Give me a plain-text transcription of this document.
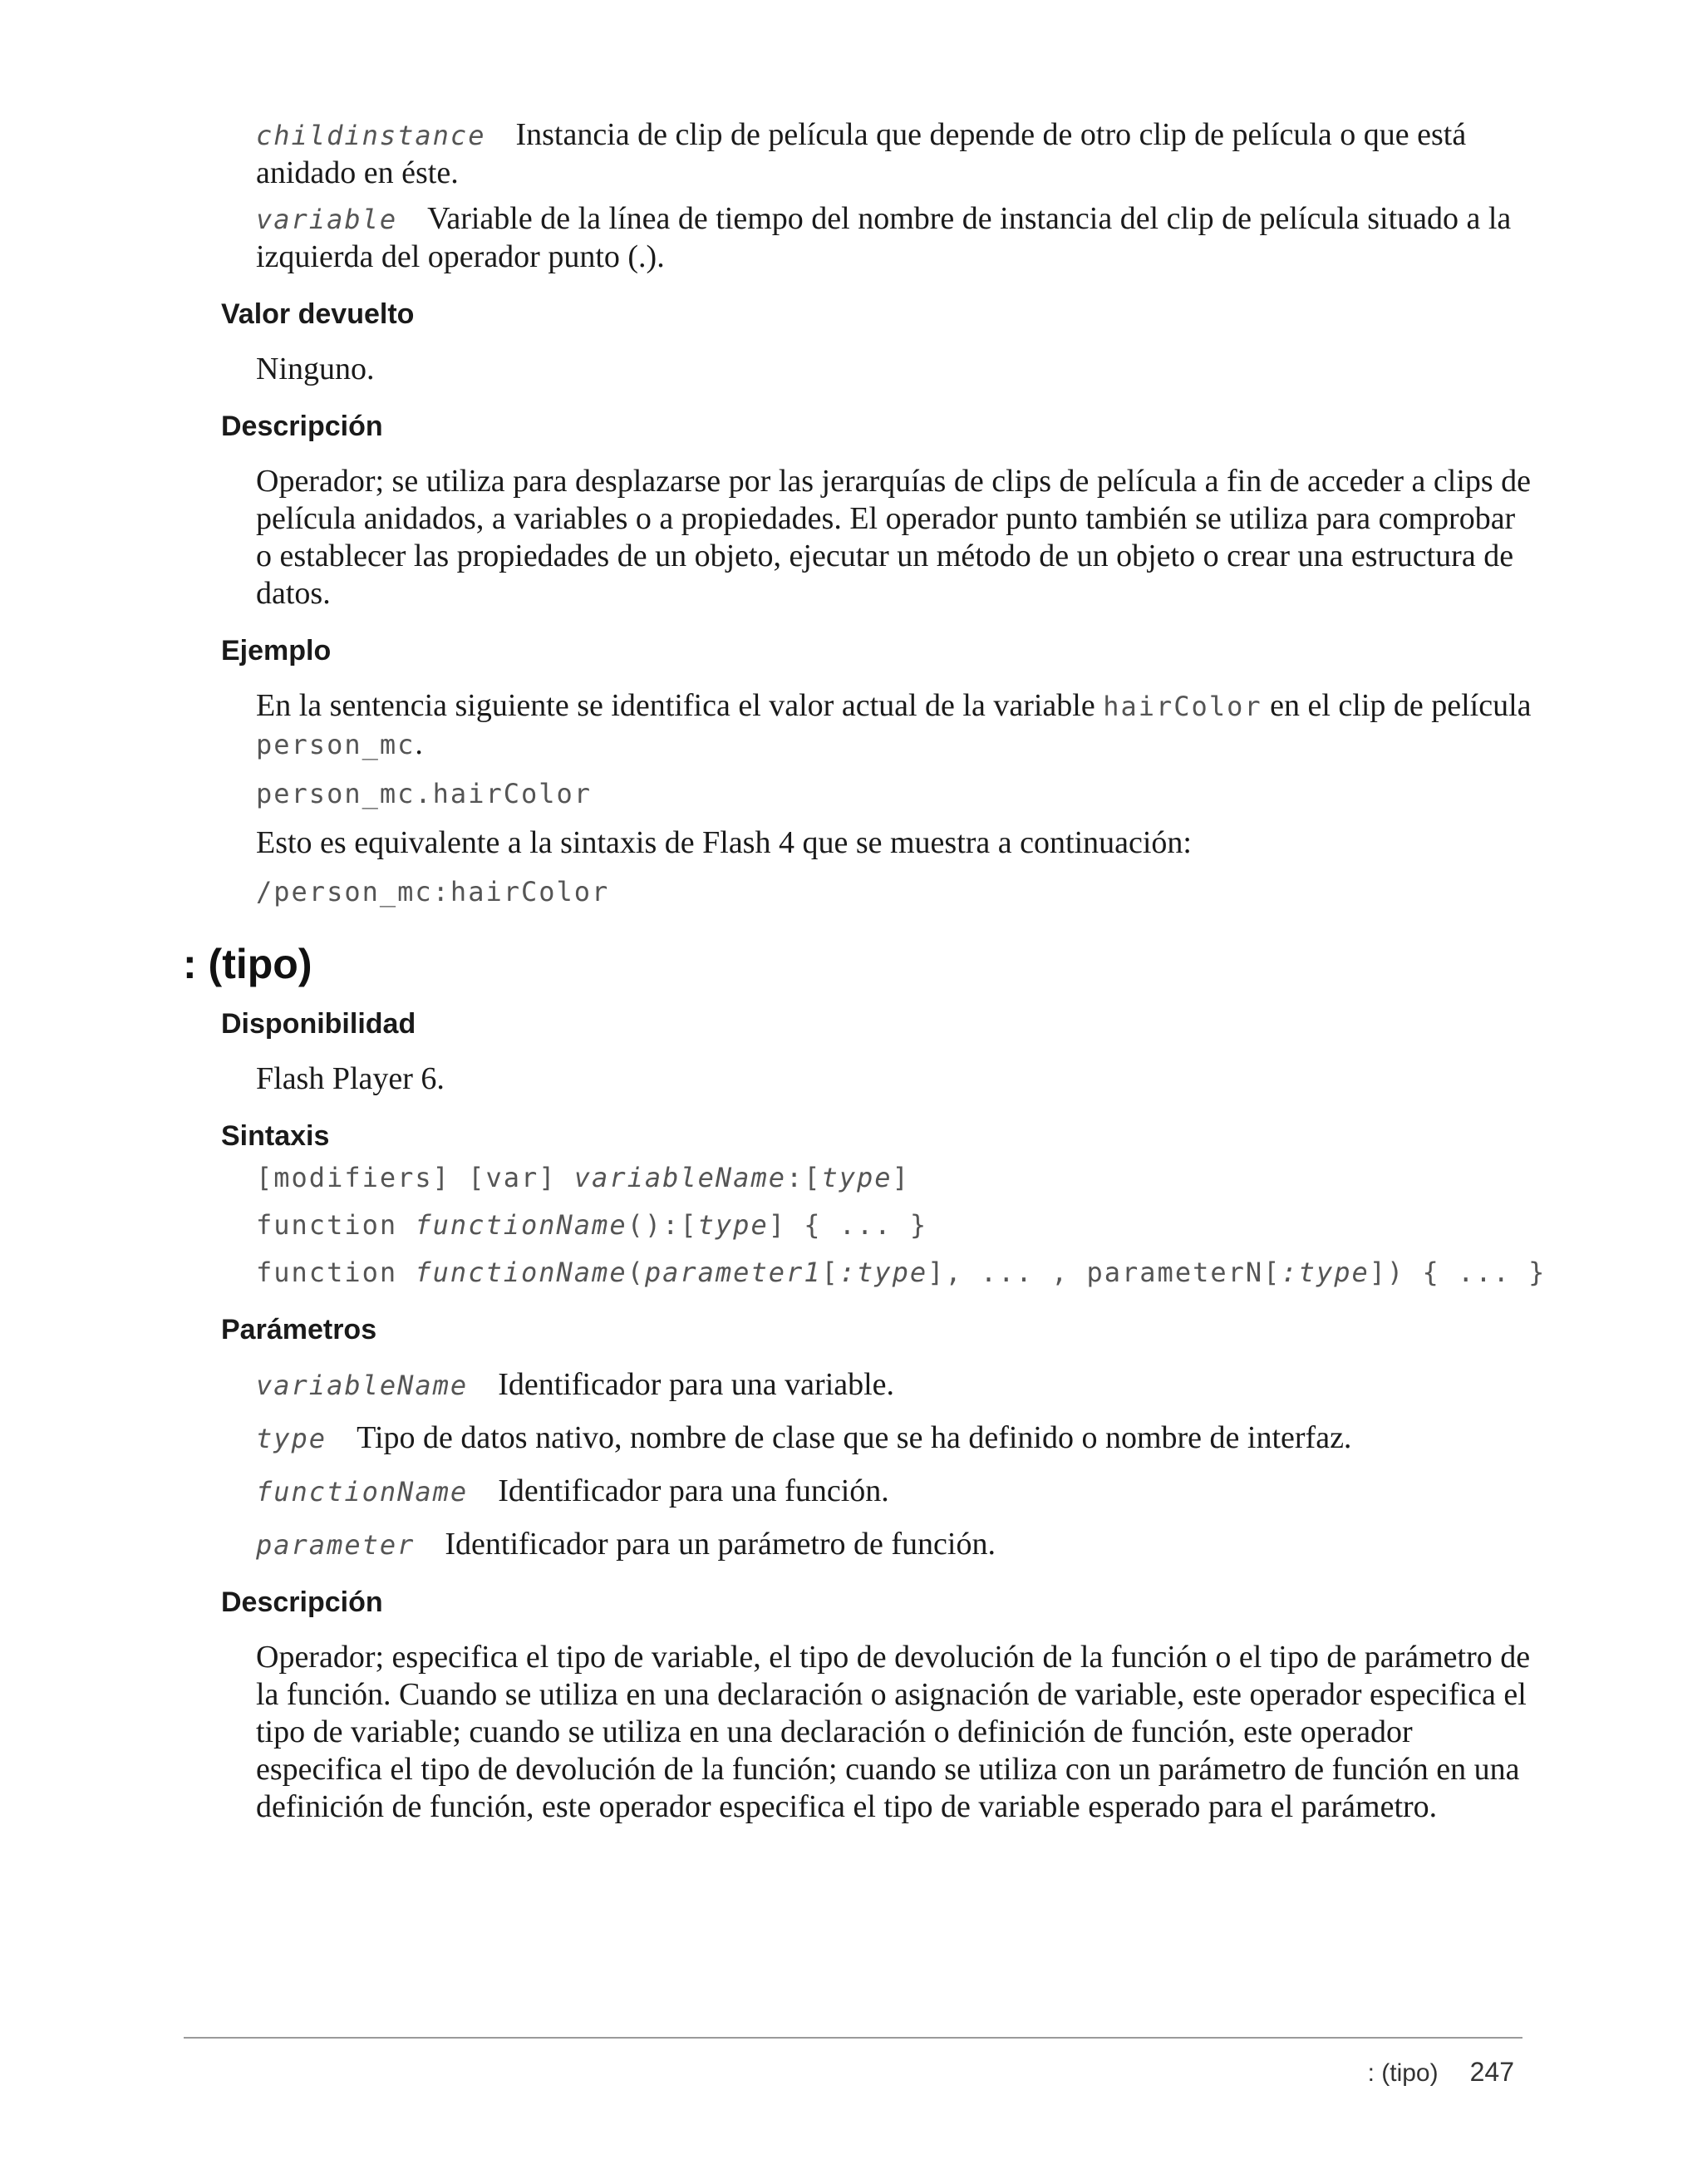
childinstance Instancia de clip de película que depende de otro clip de película o que está anidado en éste.

variable Variable de la línea de tiempo del nombre de instancia del clip de película situado a la izquierda del operador punto (.).

Valor devuelto

Ninguno.

Descripción

Operador; se utiliza para desplazarse por las jerarquías de clips de película a fin de acceder a clips de película anidados, a variables o a propiedades. El operador punto también se utiliza para comprobar o establecer las propiedades de un objeto, ejecutar un método de un objeto o crear una estructura de datos.

Ejemplo

En la sentencia siguiente se identifica el valor actual de la variable hairColor en el clip de película person_mc.

person_mc.hairColor

Esto es equivalente a la sintaxis de Flash 4 que se muestra a continuación:

/person_mc:hairColor
: (tipo)
Disponibilidad

Flash Player 6.

Sintaxis
[modifiers] [var] variableName:[type]
function functionName():[type] { ... }
function functionName(parameter1[:type], ... , parameterN[:type]) { ... }
Parámetros

variableName Identificador para una variable.

type Tipo de datos nativo, nombre de clase que se ha definido o nombre de interfaz.

functionName Identificador para una función.

parameter Identificador para un parámetro de función.

Descripción

Operador; especifica el tipo de variable, el tipo de devolución de la función o el tipo de parámetro de la función. Cuando se utiliza en una declaración o asignación de variable, este operador especifica el tipo de variable; cuando se utiliza en una declaración o definición de función, este operador especifica el tipo de devolución de la función; cuando se utiliza con un parámetro de función en una definición de función, este operador especifica el tipo de variable esperado para el parámetro.

: (tipo) 247
